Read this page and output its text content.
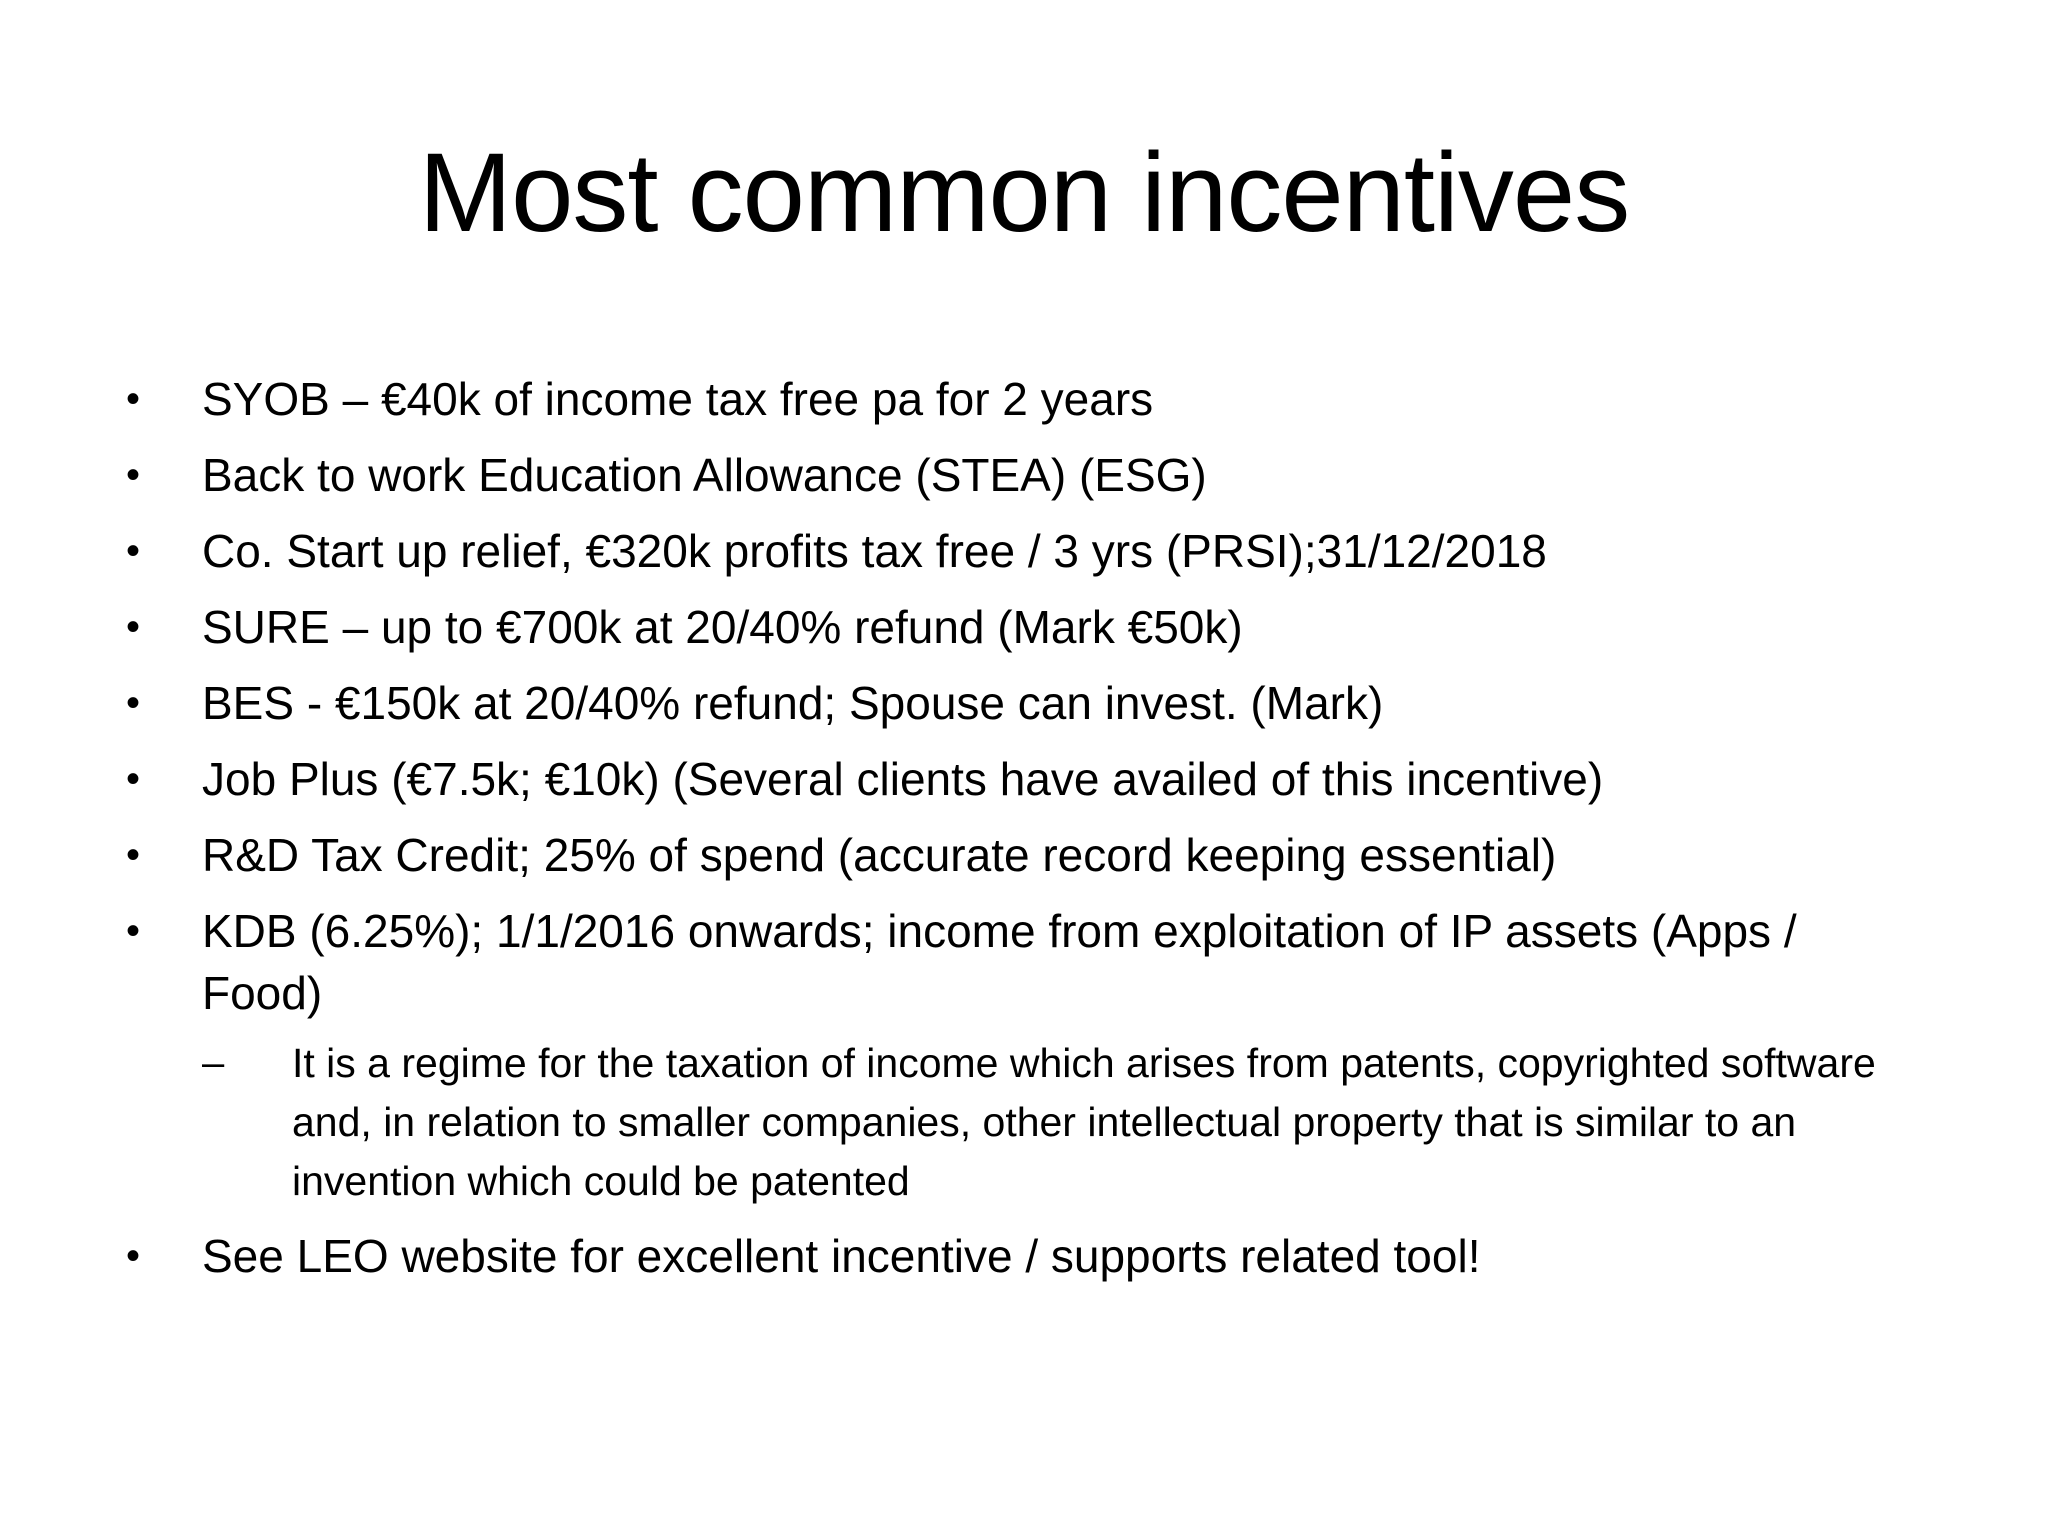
Most common incentives
• SYOB – €40k of income tax free pa for 2 years
• Back to work Education Allowance (STEA) (ESG)
• Co. Start up relief, €320k profits tax free / 3 yrs (PRSI);31/12/2018
• SURE – up to €700k at 20/40% refund (Mark €50k)
• BES - €150k at 20/40% refund; Spouse can invest. (Mark)
• Job Plus (€7.5k; €10k) (Several clients have availed of this incentive)
• R&D Tax Credit; 25% of spend (accurate record keeping essential)
• KDB (6.25%); 1/1/2016 onwards; income from exploitation of IP assets (Apps / Food)
– It is a regime for the taxation of income which arises from patents, copyrighted software and, in relation to smaller companies, other intellectual property that is similar to an invention which could be patented
• See LEO website for excellent incentive / supports related tool!
